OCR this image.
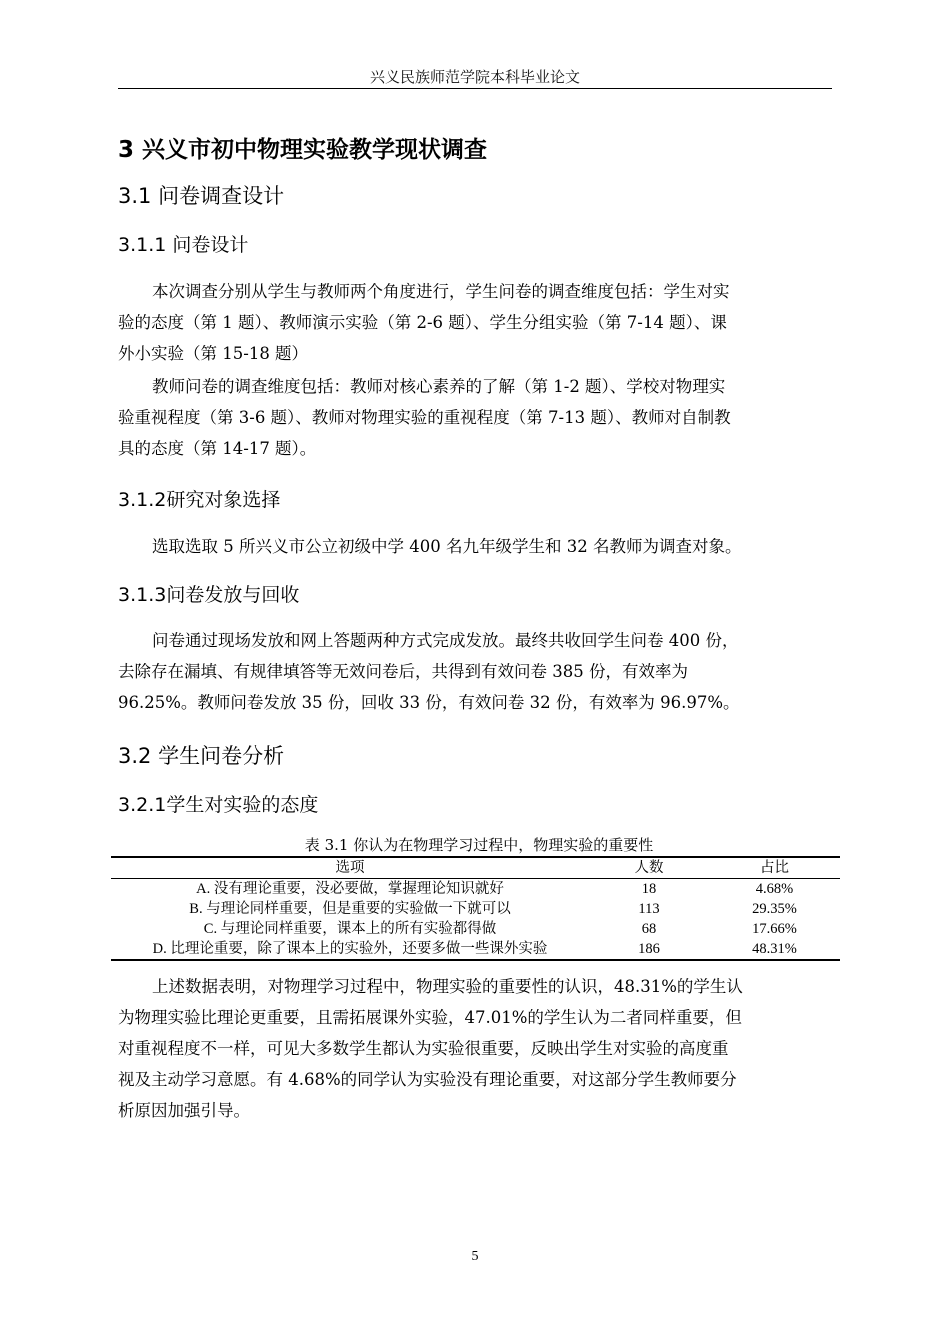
兴义民族师范学院本科毕业论文
3 兴义市初中物理实验教学现状调查
3.1 问卷调查设计
3.1.1 问卷设计
本次调查分别从学生与教师两个角度进行，学生问卷的调查维度包括：学生对实
验的态度（第 1 题）、教师演示实验（第 2-6 题）、学生分组实验（第 7-14 题）、课
外小实验（第 15-18 题）
教师问卷的调查维度包括：教师对核心素养的了解（第 1-2 题）、学校对物理实
验重视程度（第 3-6 题）、教师对物理实验的重视程度（第 7-13 题）、教师对自制教
具的态度（第 14-17 题）。
3.1.2研究对象选择
选取选取 5 所兴义市公立初级中学 400 名九年级学生和 32 名教师为调查对象。
3.1.3问卷发放与回收
问卷通过现场发放和网上答题两种方式完成发放。最终共收回学生问卷 400 份，
去除存在漏填、有规律填答等无效问卷后，共得到有效问卷 385 份，有效率为
96.25%。教师问卷发放 35 份，回收 33 份，有效问卷 32 份，有效率为 96.97%。
3.2 学生问卷分析
3.2.1学生对实验的态度
表 3.1 你认为在物理学习过程中，物理实验的重要性
选项	人数	占比
A. 没有理论重要，没必要做，掌握理论知识就好	18	4.68%
B. 与理论同样重要，但是重要的实验做一下就可以	113	29.35%
C. 与理论同样重要，课本上的所有实验都得做	68	17.66%
D. 比理论重要，除了课本上的实验外，还要多做一些课外实验	186	48.31%
上述数据表明，对物理学习过程中，物理实验的重要性的认识，48.31%的学生认
为物理实验比理论更重要，且需拓展课外实验，47.01%的学生认为二者同样重要，但
对重视程度不一样，可见大多数学生都认为实验很重要，反映出学生对实验的高度重
视及主动学习意愿。有 4.68%的同学认为实验没有理论重要，对这部分学生教师要分
析原因加强引导。
5
